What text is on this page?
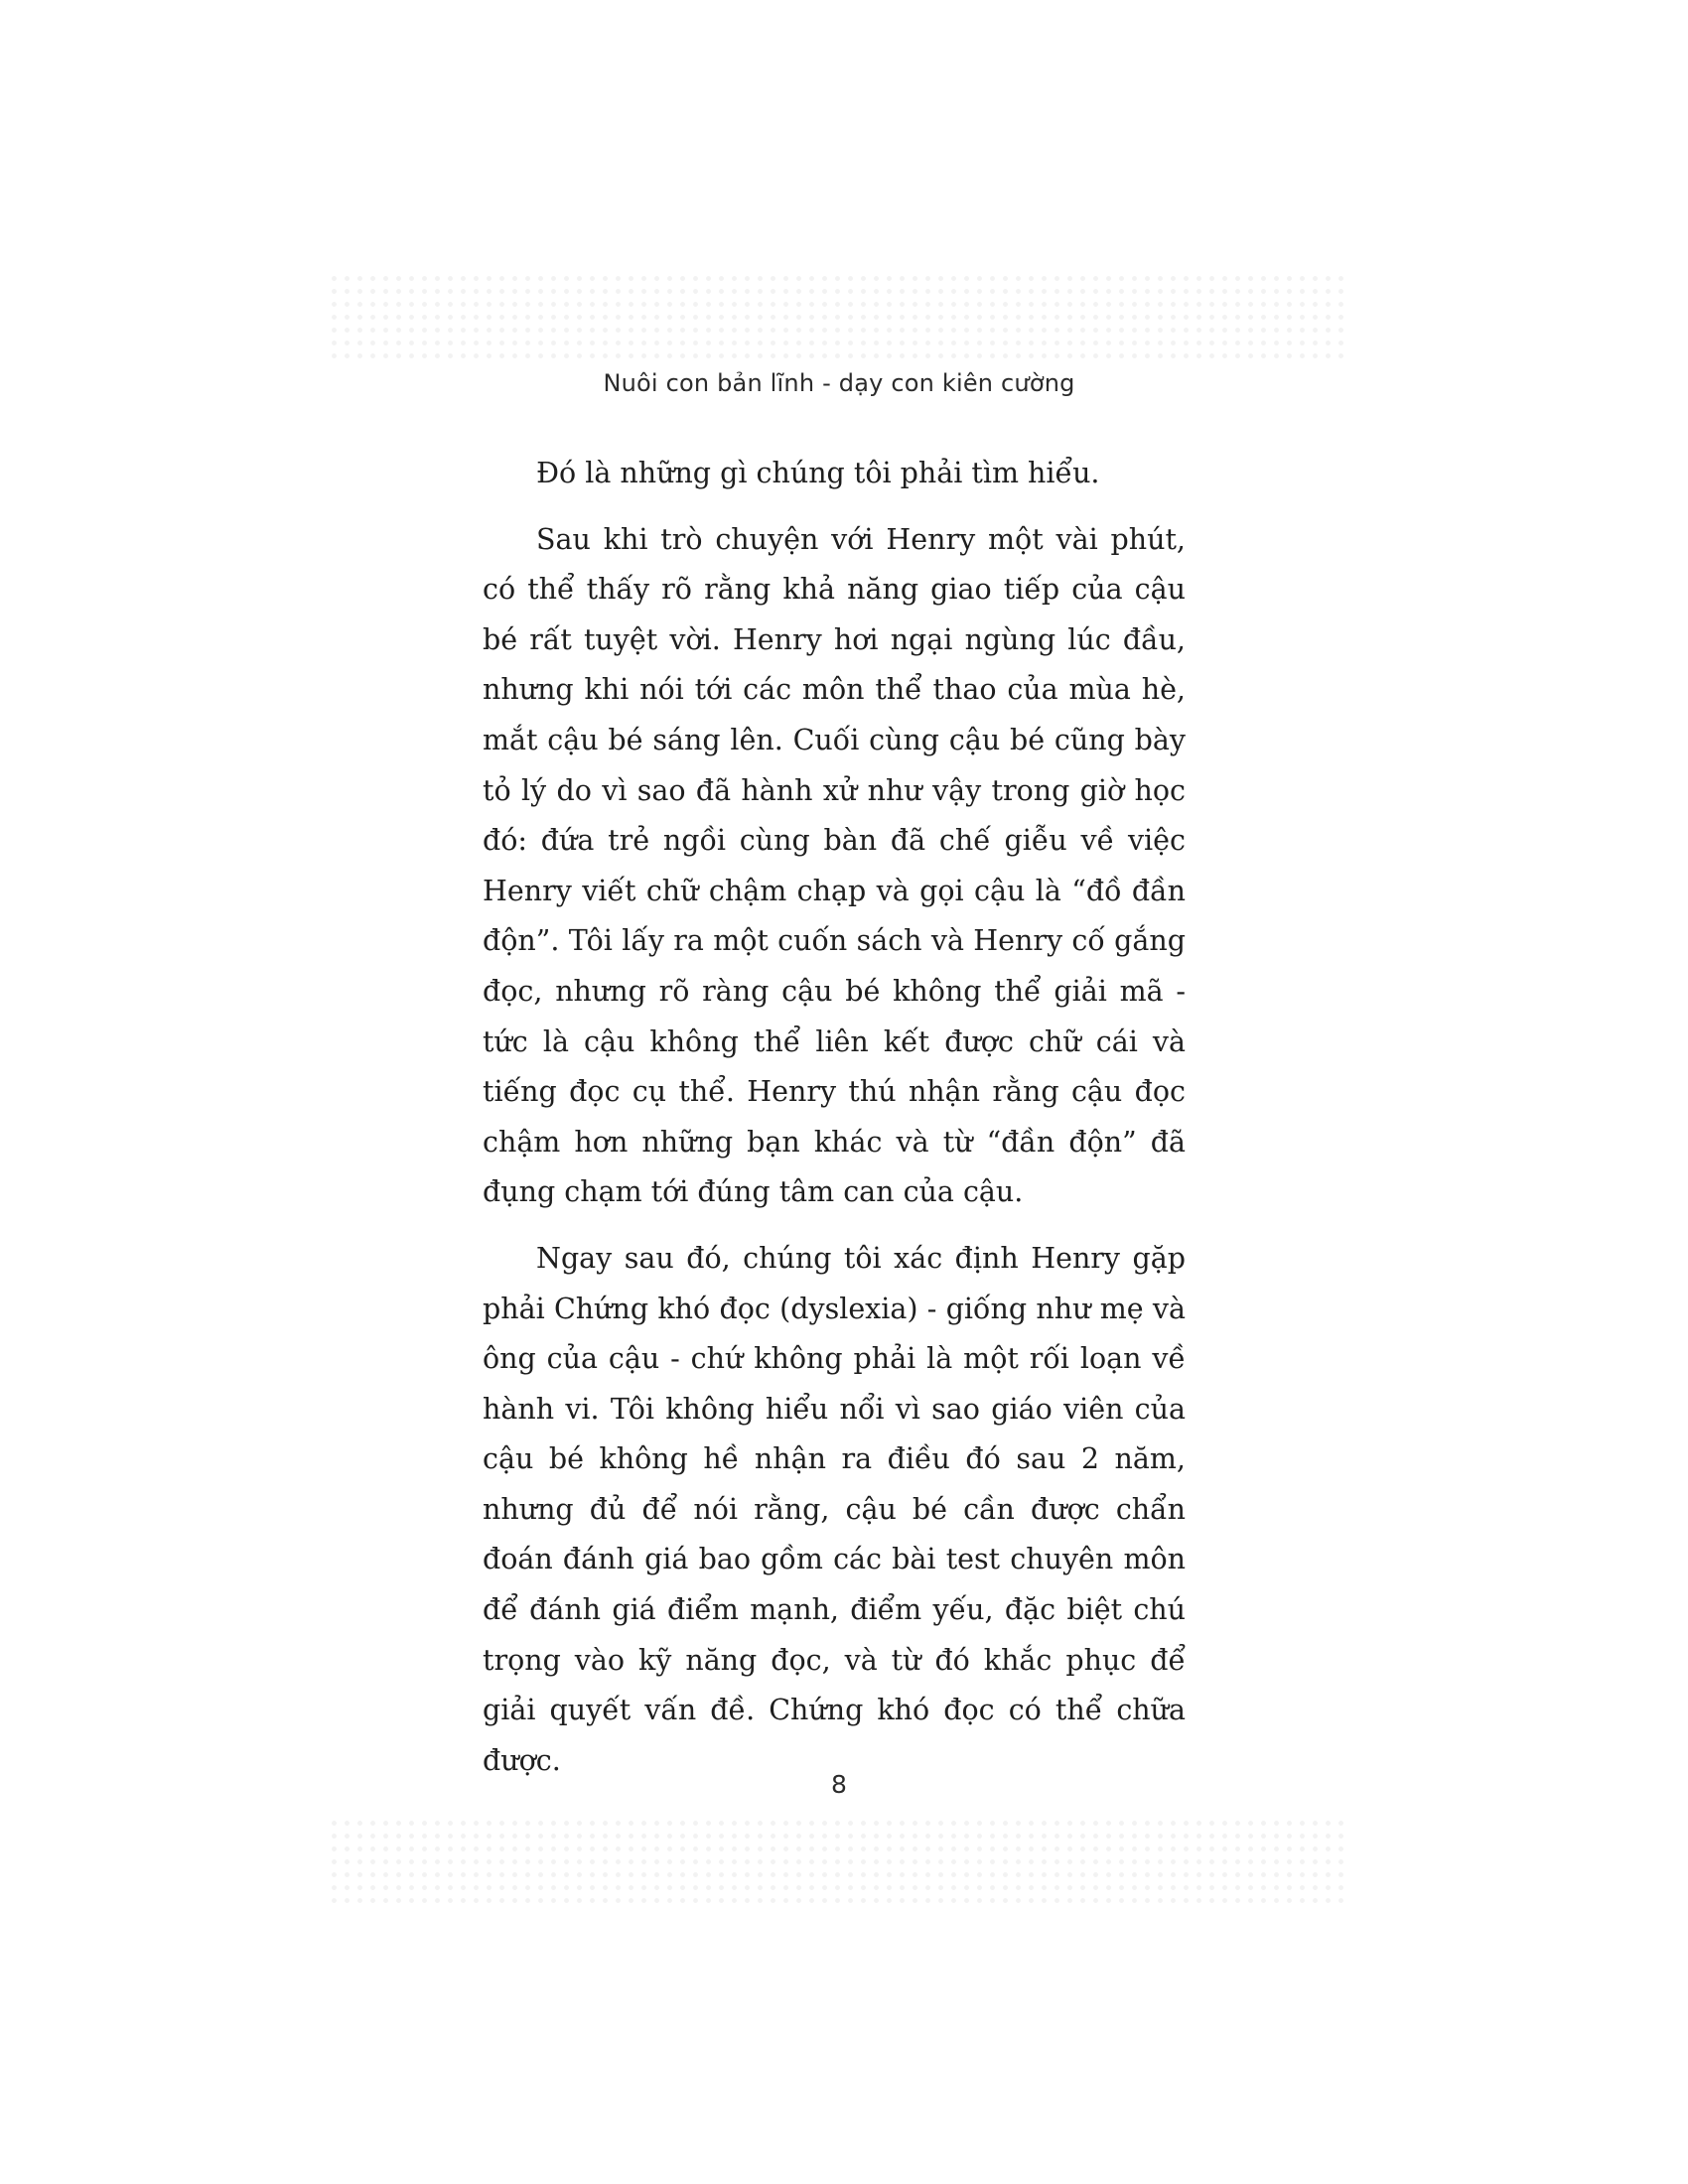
Nuôi con bản lĩnh - dạy con kiên cường

Đó là những gì chúng tôi phải tìm hiểu.

Sau khi trò chuyện với Henry một vài phút, có thể thấy rõ rằng khả năng giao tiếp của cậu bé rất tuyệt vời. Henry hơi ngại ngùng lúc đầu, nhưng khi nói tới các môn thể thao của mùa hè, mắt cậu bé sáng lên. Cuối cùng cậu bé cũng bày tỏ lý do vì sao đã hành xử như vậy trong giờ học đó: đứa trẻ ngồi cùng bàn đã chế giễu về việc Henry viết chữ chậm chạp và gọi cậu là “đồ đần độn”. Tôi lấy ra một cuốn sách và Henry cố gắng đọc, nhưng rõ ràng cậu bé không thể giải mã - tức là cậu không thể liên kết được chữ cái và tiếng đọc cụ thể. Henry thú nhận rằng cậu đọc chậm hơn những bạn khác và từ “đần độn” đã đụng chạm tới đúng tâm can của cậu.

Ngay sau đó, chúng tôi xác định Henry gặp phải Chứng khó đọc (dyslexia) - giống như mẹ và ông của cậu - chứ không phải là một rối loạn về hành vi. Tôi không hiểu nổi vì sao giáo viên của cậu bé không hề nhận ra điều đó sau 2 năm, nhưng đủ để nói rằng, cậu bé cần được chẩn đoán đánh giá bao gồm các bài test chuyên môn để đánh giá điểm mạnh, điểm yếu, đặc biệt chú trọng vào kỹ năng đọc, và từ đó khắc phục để giải quyết vấn đề. Chứng khó đọc có thể chữa được.

8
